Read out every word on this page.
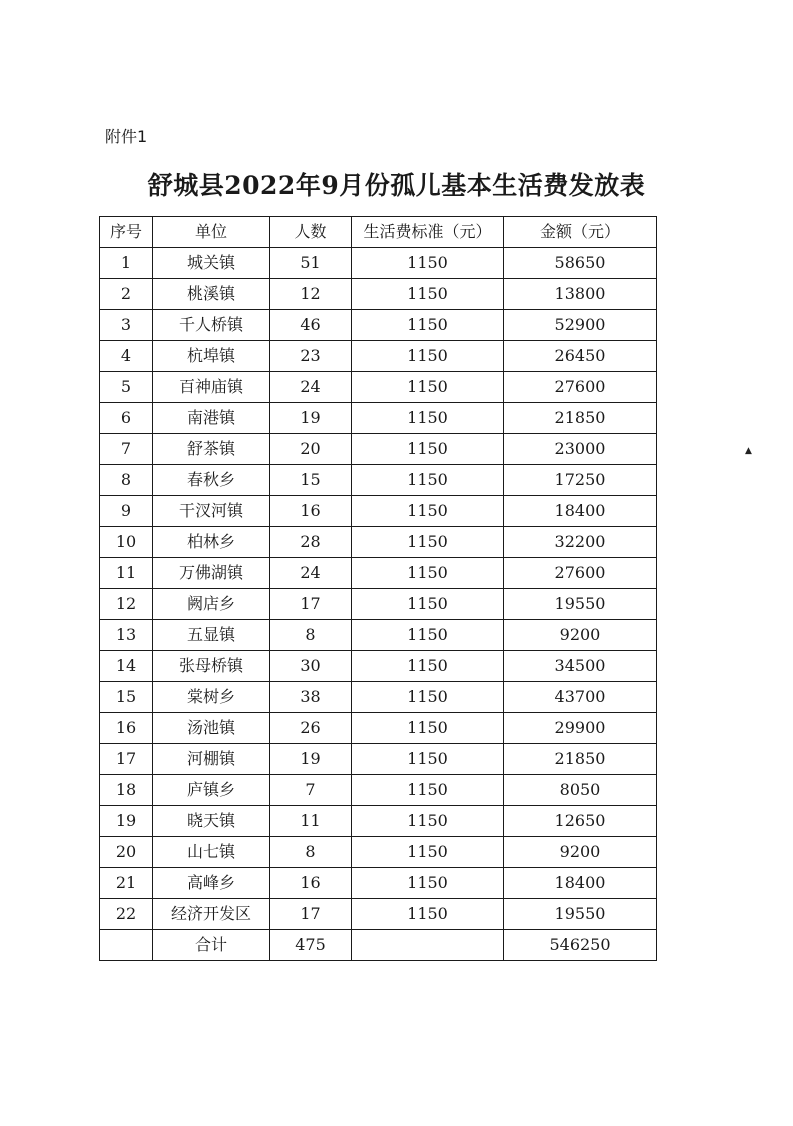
附件1
舒城县2022年9月份孤儿基本生活费发放表
序号	单位	人数	生活费标准（元）	金额（元）
1	城关镇	51	1150	58650
2	桃溪镇	12	1150	13800
3	千人桥镇	46	1150	52900
4	杭埠镇	23	1150	26450
5	百神庙镇	24	1150	27600
6	南港镇	19	1150	21850
7	舒茶镇	20	1150	23000
8	春秋乡	15	1150	17250
9	干汊河镇	16	1150	18400
10	柏林乡	28	1150	32200
11	万佛湖镇	24	1150	27600
12	阙店乡	17	1150	19550
13	五显镇	8	1150	9200
14	张母桥镇	30	1150	34500
15	棠树乡	38	1150	43700
16	汤池镇	26	1150	29900
17	河棚镇	19	1150	21850
18	庐镇乡	7	1150	8050
19	晓天镇	11	1150	12650
20	山七镇	8	1150	9200
21	高峰乡	16	1150	18400
22	经济开发区	17	1150	19550
	合计	475		546250
▲
